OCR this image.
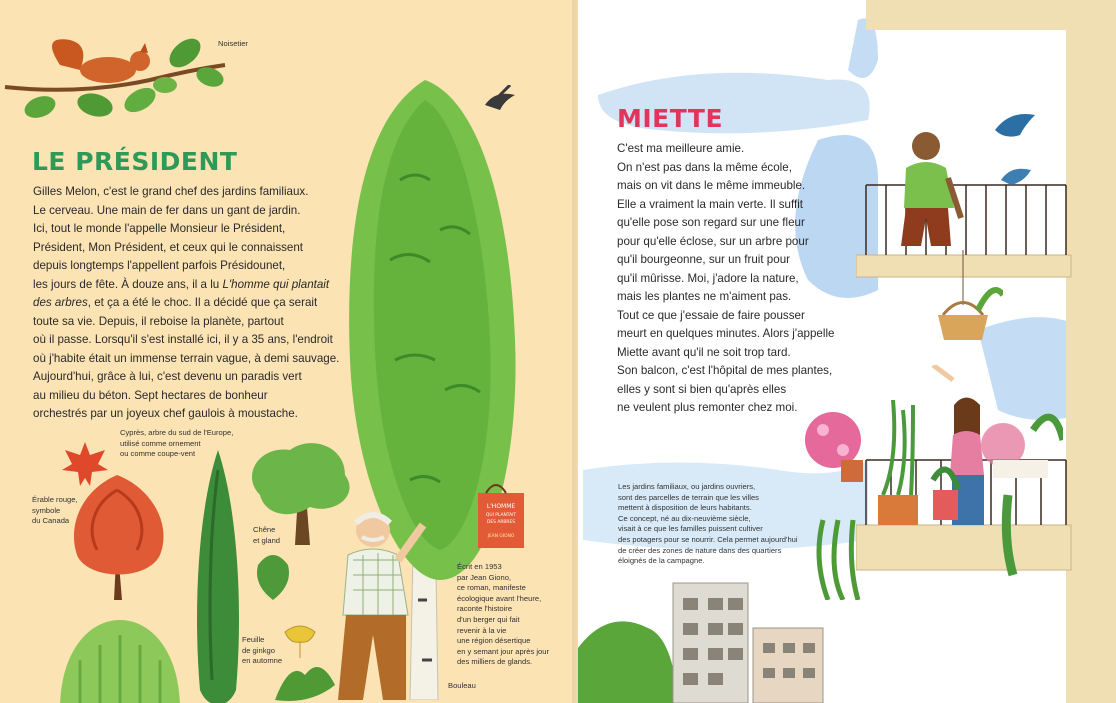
Noisetier
LE PRÉSIDENT
Gilles Melon, c'est le grand chef des jardins familiaux.
Le cerveau. Une main de fer dans un gant de jardin.
Ici, tout le monde l'appelle Monsieur le Président,
Président, Mon Président, et ceux qui le connaissent
depuis longtemps l'appellent parfois Présidounet,
les jours de fête. À douze ans, il a lu L'homme qui plantait
des arbres, et ça a été le choc. Il a décidé que ça serait
toute sa vie. Depuis, il reboise la planète, partout
où il passe. Lorsqu'il s'est installé ici, il y a 35 ans, l'endroit
où j'habite était un immense terrain vague, à demi sauvage.
Aujourd'hui, grâce à lui, c'est devenu un paradis vert
au milieu du béton. Sept hectares de bonheur
orchestrés par un joyeux chef gaulois à moustache.
Érable rouge,
symbole
du Canada
Cyprès, arbre du sud de l'Europe,
utilisé comme ornement
ou comme coupe-vent
Chêne
et gland
Feuille
de ginkgo
en automne
L'HOMME
QUI PLANTAIT
DES ARBRES
JEAN GIONO
Écrit en 1953
par Jean Giono,
ce roman, manifeste
écologique avant l'heure,
raconte l'histoire
d'un berger qui fait
revenir à la vie
une région désertique
en y semant jour après jour
des milliers de glands.
Bouleau
MIETTE
C'est ma meilleure amie.
On n'est pas dans la même école,
mais on vit dans le même immeuble.
Elle a vraiment la main verte. Il suffit
qu'elle pose son regard sur une fleur
pour qu'elle éclose, sur un arbre pour
qu'il bourgeonne, sur un fruit pour
qu'il mûrisse. Moi, j'adore la nature,
mais les plantes ne m'aiment pas.
Tout ce que j'essaie de faire pousser
meurt en quelques minutes. Alors j'appelle
Miette avant qu'il ne soit trop tard.
Son balcon, c'est l'hôpital de mes plantes,
elles y sont si bien qu'après elles
ne veulent plus remonter chez moi.
Les jardins familiaux, ou jardins ouvriers,
sont des parcelles de terrain que les villes
mettent à disposition de leurs habitants.
Ce concept, né au dix-neuvième siècle,
visait à ce que les familles puissent cultiver
des potagers pour se nourrir. Cela permet aujourd'hui
de créer des zones de nature dans des quartiers
éloignés de la campagne.
